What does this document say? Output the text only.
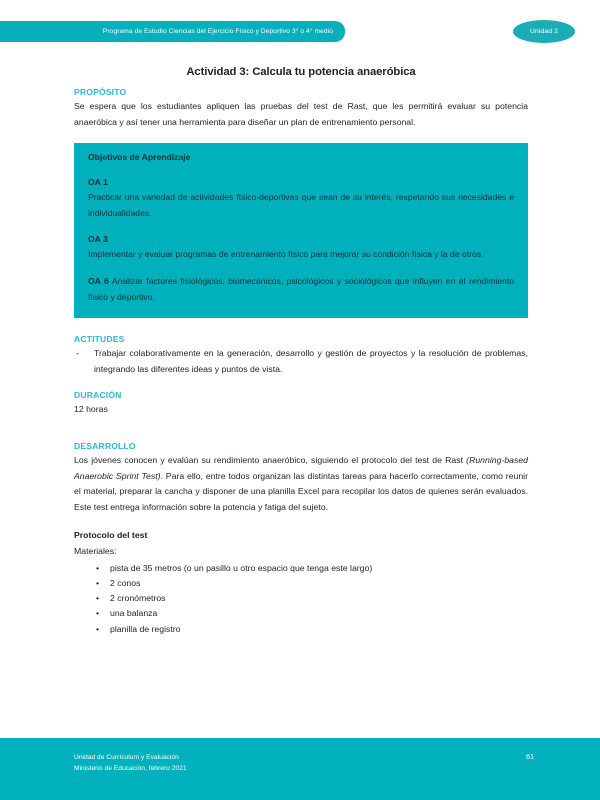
Programa de Estudio Ciencias del Ejercicio Físico y Deportivo 3° o 4° medio	Unidad 2
Actividad 3: Calcula tu potencia anaeróbica
PROPÓSITO

Se espera que los estudiantes apliquen las pruebas del test de Rast, que les permitirá evaluar su potencia anaeróbica y así tener una herramienta para diseñar un plan de entrenamiento personal.

Objetivos de Aprendizaje
OA 1

Practicar una variedad de actividades físico-deportivas que sean de su interés, respetando sus necesidades e individualidades.

OA 3

Implementar y evaluar programas de entrenamiento físico para mejorar su condición física y la de otros.

OA 6 Analizar factores fisiológicos, biomecánicos, psicológicos y sociológicos que influyen en el rendimiento físico y deportivo.

ACTITUDES
- Trabajar colaborativamente en la generación, desarrollo y gestión de proyectos y la resolución de problemas, integrando las diferentes ideas y puntos de vista.
DURACIÓN

12 horas

DESARROLLO

Los jóvenes conocen y evalúan su rendimiento anaeróbico, siguiendo el protocolo del test de Rast (Running-based Anaerobic Sprint Test). Para ello, entre todos organizan las distintas tareas para hacerlo correctamente, como reunir el material, preparar la cancha y disponer de una planilla Excel para recopilar los datos de quienes serán evaluados. Este test entrega información sobre la potencia y fatiga del sujeto.

Protocolo del test

Materiales:

• pista de 35 metros (o un pasillo u otro espacio que tenga este largo)
• 2 conos
• 2 cronómetros
• una balanza
• planilla de registro
Unidad de Currículum y Evaluación
Ministerio de Educación, febrero 2021
61
